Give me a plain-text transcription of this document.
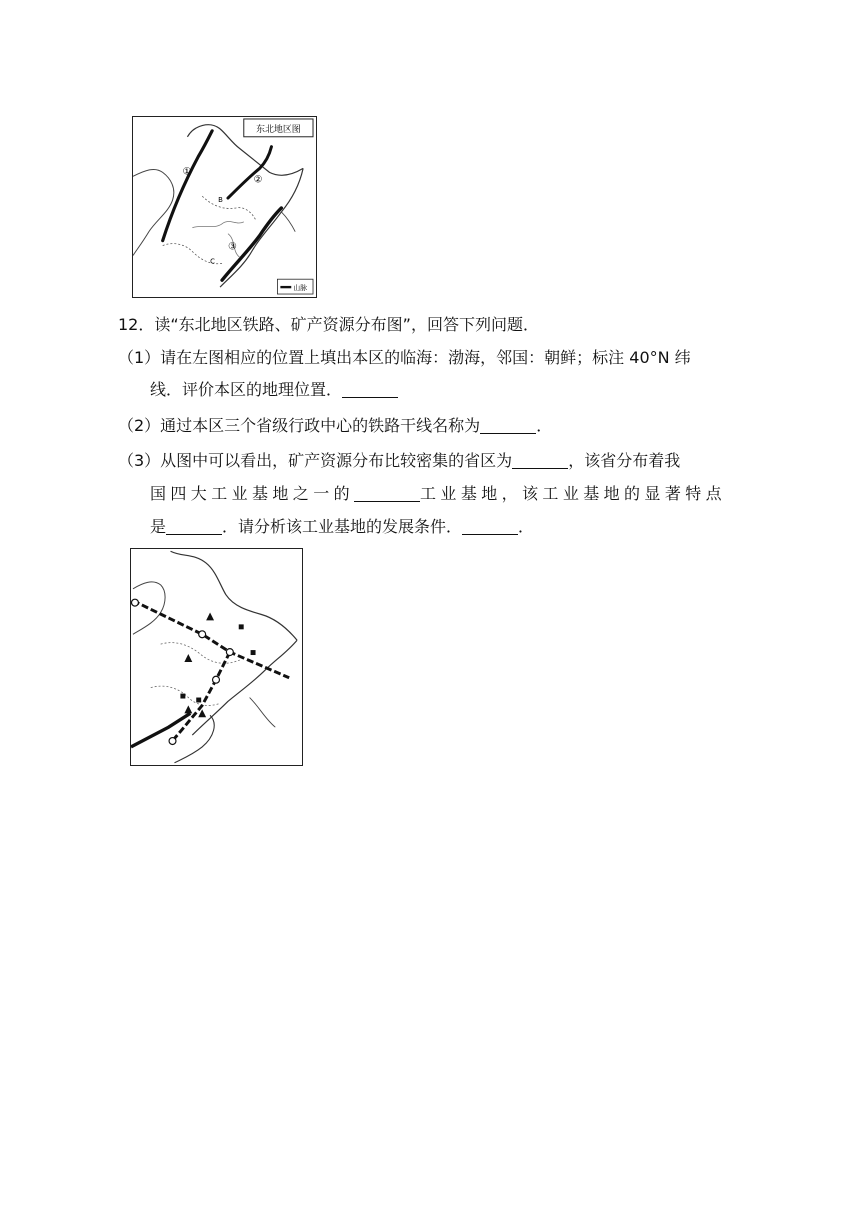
东北地区图
①
②
B
③
C
山脉
12．读“东北地区铁路、矿产资源分布图”，回答下列问题．
（1）请在左图相应的位置上填出本区的临海：渤海，邻国：朝鲜；标注 40°N 纬
线．评价本区的地理位置．
（2）通过本区三个省级行政中心的铁路干线名称为	．
（3）从图中可以看出，矿产资源分布比较密集的省区为	，该省分布着我
国四大工业基地之一的	工业基地，该工业基地的显著特点
是	．请分析该工业基地的发展条件．	．
